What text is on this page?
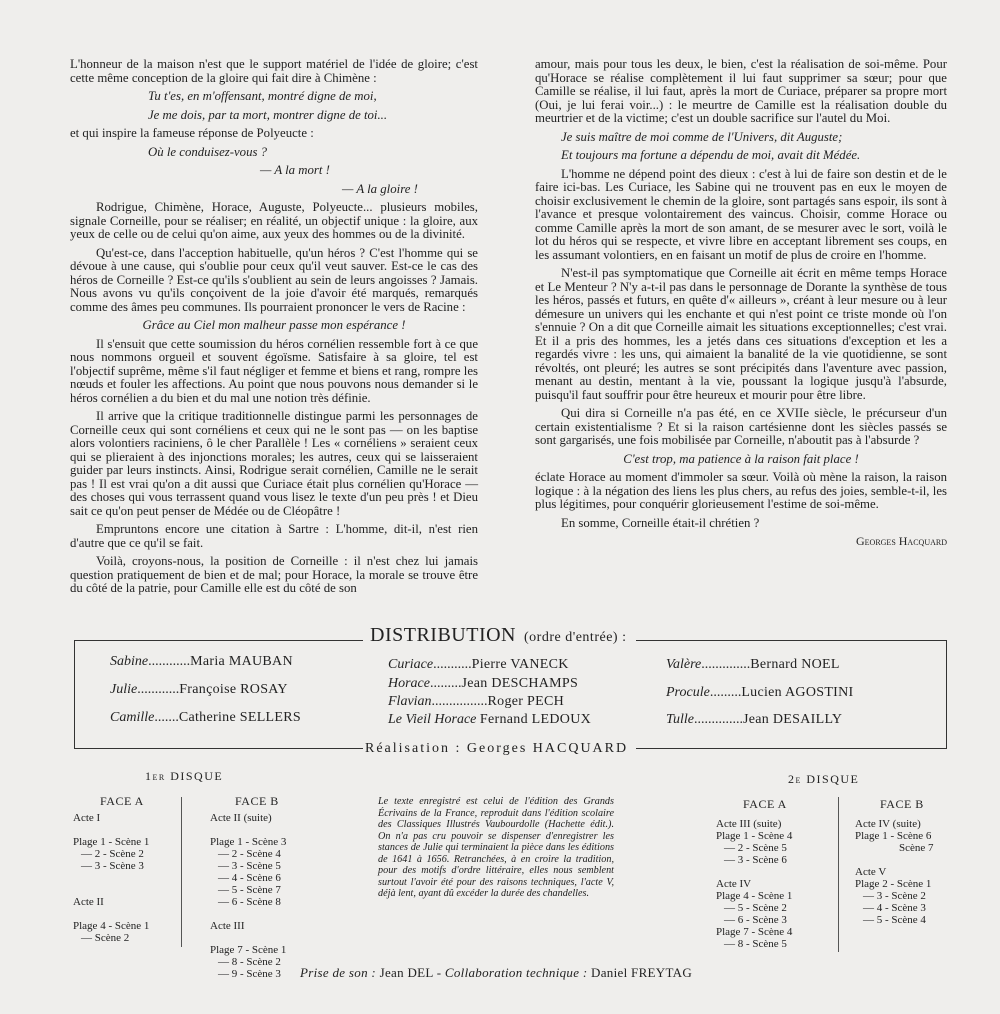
L'honneur de la maison n'est que le support matériel de l'idée de gloire; c'est cette même conception de la gloire qui fait dire à Chimène :

Tu t'es, en m'offensant, montré digne de moi,

Je me dois, par ta mort, montrer digne de toi...

et qui inspire la fameuse réponse de Polyeucte :

Où le conduisez-vous ?

— A la mort !

— A la gloire !

Rodrigue, Chimène, Horace, Auguste, Polyeucte... plusieurs mobiles, signale Corneille, pour se réaliser; en réalité, un objectif unique : la gloire, aux yeux de celle ou de celui qu'on aime, aux yeux des hommes ou de la divinité.

Qu'est-ce, dans l'acception habituelle, qu'un héros ? C'est l'homme qui se dévoue à une cause, qui s'oublie pour ceux qu'il veut sauver. Est-ce le cas des héros de Corneille ? Est-ce qu'ils s'oublient au sein de leurs angoisses ? Jamais. Nous avons vu qu'ils conçoivent de la joie d'avoir été marqués, remarqués comme des âmes peu communes. Ils pourraient prononcer le vers de Racine :

Grâce au Ciel mon malheur passe mon espérance !

Il s'ensuit que cette soumission du héros cornélien ressemble fort à ce que nous nommons orgueil et souvent égoïsme. Satisfaire à sa gloire, tel est l'objectif suprême, même s'il faut négliger et femme et biens et rang, rompre les nœuds et fouler les affections. Au point que nous pouvons nous demander si le héros cornélien a du bien et du mal une notion très définie.

Il arrive que la critique traditionnelle distingue parmi les personnages de Corneille ceux qui sont cornéliens et ceux qui ne le sont pas — on les baptise alors volontiers raciniens, ô le cher Parallèle ! Les « cornéliens » seraient ceux qui se plieraient à des injonctions morales; les autres, ceux qui se laisseraient guider par leurs instincts. Ainsi, Rodrigue serait cornélien, Camille ne le serait pas ! Il est vrai qu'on a dit aussi que Curiace était plus cornélien qu'Horace — des choses qui vous terrassent quand vous lisez le texte d'un peu près ! et Dieu sait ce qu'on peut penser de Médée ou de Cléopâtre !

Empruntons encore une citation à Sartre : L'homme, dit-il, n'est rien d'autre que ce qu'il se fait.

Voilà, croyons-nous, la position de Corneille : il n'est chez lui jamais question pratiquement de bien et de mal; pour Horace, la morale se trouve être du côté de la patrie, pour Camille elle est du côté de son

amour, mais pour tous les deux, le bien, c'est la réalisation de soi-même. Pour qu'Horace se réalise complètement il lui faut supprimer sa sœur; pour que Camille se réalise, il lui faut, après la mort de Curiace, préparer sa propre mort (Oui, je lui ferai voir...) : le meurtre de Camille est la réalisation double du meurtrier et de la victime; c'est un double sacrifice sur l'autel du Moi.

Je suis maître de moi comme de l'Univers, dit Auguste;

Et toujours ma fortune a dépendu de moi, avait dit Médée.

L'homme ne dépend point des dieux : c'est à lui de faire son destin et de le faire ici-bas. Les Curiace, les Sabine qui ne trouvent pas en eux le moyen de choisir exclusivement le chemin de la gloire, sont partagés sans espoir, ils sont à l'avance et presque volontairement des vaincus. Choisir, comme Horace ou comme Camille après la mort de son amant, de se mesurer avec le sort, voilà le lot du héros qui se respecte, et vivre libre en acceptant librement ses coups, en les assumant volontiers, en en faisant un motif de plus de croire en l'homme.

N'est-il pas symptomatique que Corneille ait écrit en même temps Horace et Le Menteur ? N'y a-t-il pas dans le personnage de Dorante la synthèse de tous les héros, passés et futurs, en quête d'« ailleurs », créant à leur mesure ou à leur démesure un univers qui les enchante et qui n'est point ce triste monde où l'on s'ennuie ? On a dit que Corneille aimait les situations exceptionnelles; c'est vrai. Et il a pris des hommes, les a jetés dans ces situations d'exception et les a regardés vivre : les uns, qui aimaient la banalité de la vie quotidienne, se sont révoltés, ont pleuré; les autres se sont précipités dans l'aventure avec passion, menant au destin, mentant à la vie, poussant la logique jusqu'à l'absurde, puisqu'il faut souffrir pour être heureux et mourir pour être libre.

Qui dira si Corneille n'a pas été, en ce XVIIe siècle, le précurseur d'un certain existentialisme ? Et si la raison cartésienne dont les siècles passés se sont gargarisés, une fois mobilisée par Corneille, n'aboutit pas à l'absurde ?

C'est trop, ma patience à la raison fait place !

éclate Horace au moment d'immoler sa sœur. Voilà où mène la raison, la raison logique : à la négation des liens les plus chers, au refus des joies, semble-t-il, les plus légitimes, pour conquérir glorieusement l'estime de soi-même.

En somme, Corneille était-il chrétien ?

Georges Hacquard

DISTRIBUTION (ordre d'entrée) :
Sabine............Maria MAUBAN
Julie............Françoise ROSAY
Camille.......Catherine SELLERS
Curiace...........Pierre VANECK
Horace.........Jean DESCHAMPS
Flavian................Roger PECH
Le Vieil Horace Fernand LEDOUX
Valère..............Bernard NOEL
Procule.........Lucien AGOSTINI
Tulle..............Jean DESAILLY
Réalisation : Georges HACQUARD
1er DISQUE
FACE A	FACE B
Acte I
Plage 1 - Scène 1
— 2 - Scène 2
— 3 - Scène 3
Acte II
Plage 4 - Scène 1
— Scène 2
Acte II (suite)
Plage 1 - Scène 3
— 2 - Scène 4
— 3 - Scène 5
— 4 - Scène 6
— 5 - Scène 7
— 6 - Scène 8
Acte III
Plage 7 - Scène 1
— 8 - Scène 2
— 9 - Scène 3
Le texte enregistré est celui de l'édition des Grands Écrivains de la France, reproduit dans l'édition scolaire des Classiques Illustrés Vaubourdolle (Hachette édit.). On n'a pas cru pouvoir se dispenser d'enregistrer les stances de Julie qui terminaient la pièce dans les éditions de 1641 à 1656. Retranchées, à en croire la tradition, pour des motifs d'ordre littéraire, elles nous semblent surtout l'avoir été pour des raisons techniques, l'acte V, déjà lent, ayant dû excéder la durée des chandelles.
2e DISQUE
FACE A	FACE B
Acte III (suite)
Plage 1 - Scène 4
— 2 - Scène 5
— 3 - Scène 6
Acte IV
Plage 4 - Scène 1
— 5 - Scène 2
— 6 - Scène 3
Plage 7 - Scène 4
— 8 - Scène 5
Acte IV (suite)
Plage 1 - Scène 6
Scène 7
Acte V
Plage 2 - Scène 1
— 3 - Scène 2
— 4 - Scène 3
— 5 - Scène 4
Prise de son : Jean DEL - Collaboration technique : Daniel FREYTAG
